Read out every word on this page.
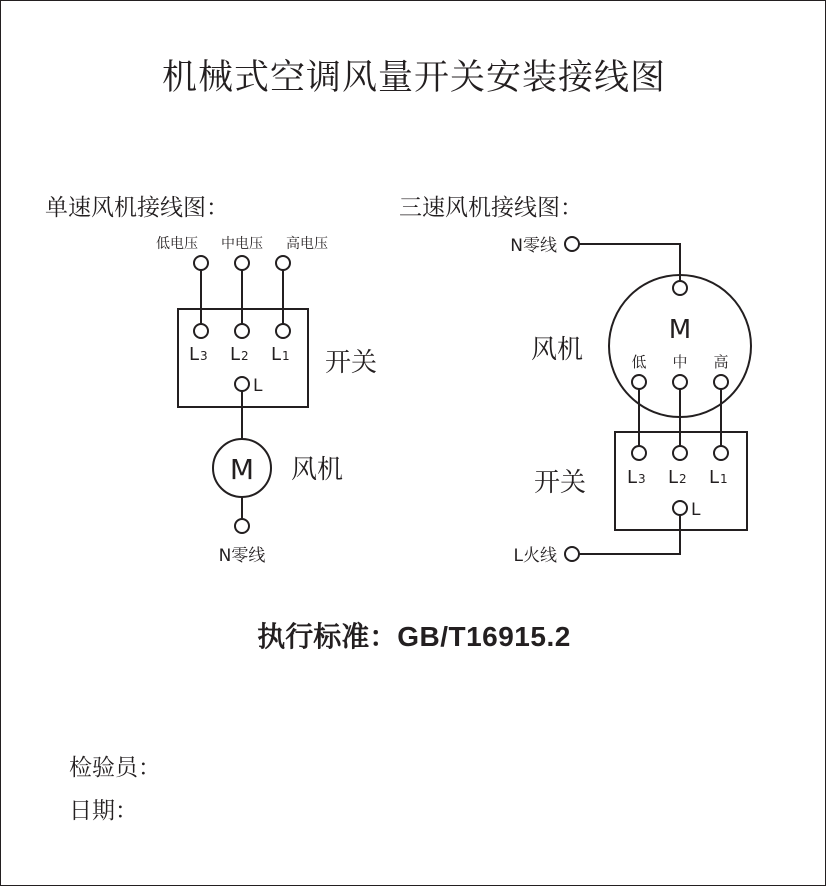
机械式空调风量开关安装接线图
单速风机接线图：	三速风机接线图：
低电压 中电压 高电压
L3 L2 L1
L
开关
M 风机
N零线
N零线
M
风机	低 中 高
L3 L2 L1
L
开关
L火线
执行标准：GB/T16915.2
检验员：
日期：
